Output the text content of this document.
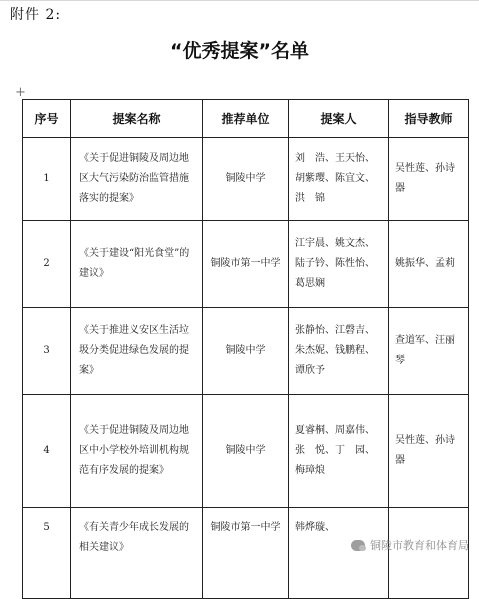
附件 2:
“优秀提案”名单
+
序号	提案名称	推荐单位	提案人	指导教师
1	《关于促进铜陵及周边地区大气污染防治监管措施落实的提案》	铜陵中学	刘　浩、王天怡、胡紫璎、陈宜文、洪　锦	吴性莲、孙诗器
2	《关于建设“阳光食堂”的建议》	铜陵市第一中学	江宇晨、姚文杰、陆子钤、陈性怡、葛思娴	姚振华、孟莉
3	《关于推进义安区生活垃圾分类促进绿色发展的提案》	铜陵中学	张静怡、江磬吉、朱杰妮、钱鹏程、谭欣予	查道军、汪丽琴
4	《关于促进铜陵及周边地区中小学校外培训机构规范有序发展的提案》	铜陵中学	夏睿桐、周嘉伟、张　悦、丁　园、梅璋烺	吴性莲、孙诗器
5	《有关青少年成长发展的相关建议》	铜陵市第一中学	韩烨璇、	
铜陵市教育和体育局
